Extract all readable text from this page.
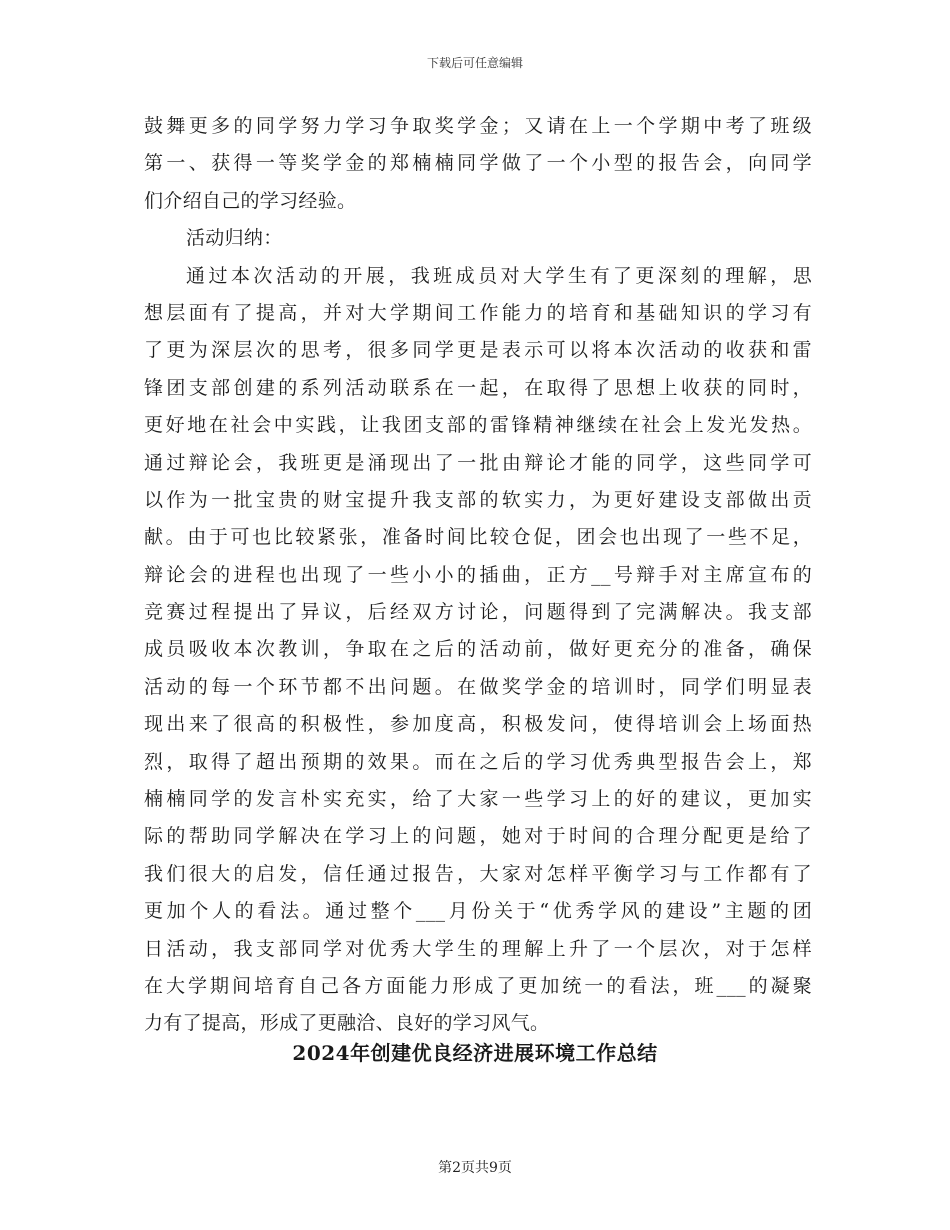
下载后可任意编辑
鼓舞更多的同学努力学习争取奖学金；又请在上一个学期中考了班级
第一、获得一等奖学金的郑楠楠同学做了一个小型的报告会，向同学
们介绍自己的学习经验。
活动归纳：
通过本次活动的开展，我班成员对大学生有了更深刻的理解，思
想层面有了提高，并对大学期间工作能力的培育和基础知识的学习有
了更为深层次的思考，很多同学更是表示可以将本次活动的收获和雷
锋团支部创建的系列活动联系在一起，在取得了思想上收获的同时，
更好地在社会中实践，让我团支部的雷锋精神继续在社会上发光发热。
通过辩论会，我班更是涌现出了一批由辩论才能的同学，这些同学可
以作为一批宝贵的财宝提升我支部的软实力，为更好建设支部做出贡
献。由于可也比较紧张，准备时间比较仓促，团会也出现了一些不足，
辩论会的进程也出现了一些小小的插曲，正方__号辩手对主席宣布的
竞赛过程提出了异议，后经双方讨论，问题得到了完满解决。我支部
成员吸收本次教训，争取在之后的活动前，做好更充分的准备，确保
活动的每一个环节都不出问题。在做奖学金的培训时，同学们明显表
现出来了很高的积极性，参加度高，积极发问，使得培训会上场面热
烈，取得了超出预期的效果。而在之后的学习优秀典型报告会上，郑
楠楠同学的发言朴实充实，给了大家一些学习上的好的建议，更加实
际的帮助同学解决在学习上的问题，她对于时间的合理分配更是给了
我们很大的启发，信任通过报告，大家对怎样平衡学习与工作都有了
更加个人的看法。通过整个___月份关于“优秀学风的建设”主题的团
日活动，我支部同学对优秀大学生的理解上升了一个层次，对于怎样
在大学期间培育自己各方面能力形成了更加统一的看法，班___的凝聚
力有了提高，形成了更融洽、良好的学习风气。
2024年创建优良经济进展环境工作总结
第2页共9页
